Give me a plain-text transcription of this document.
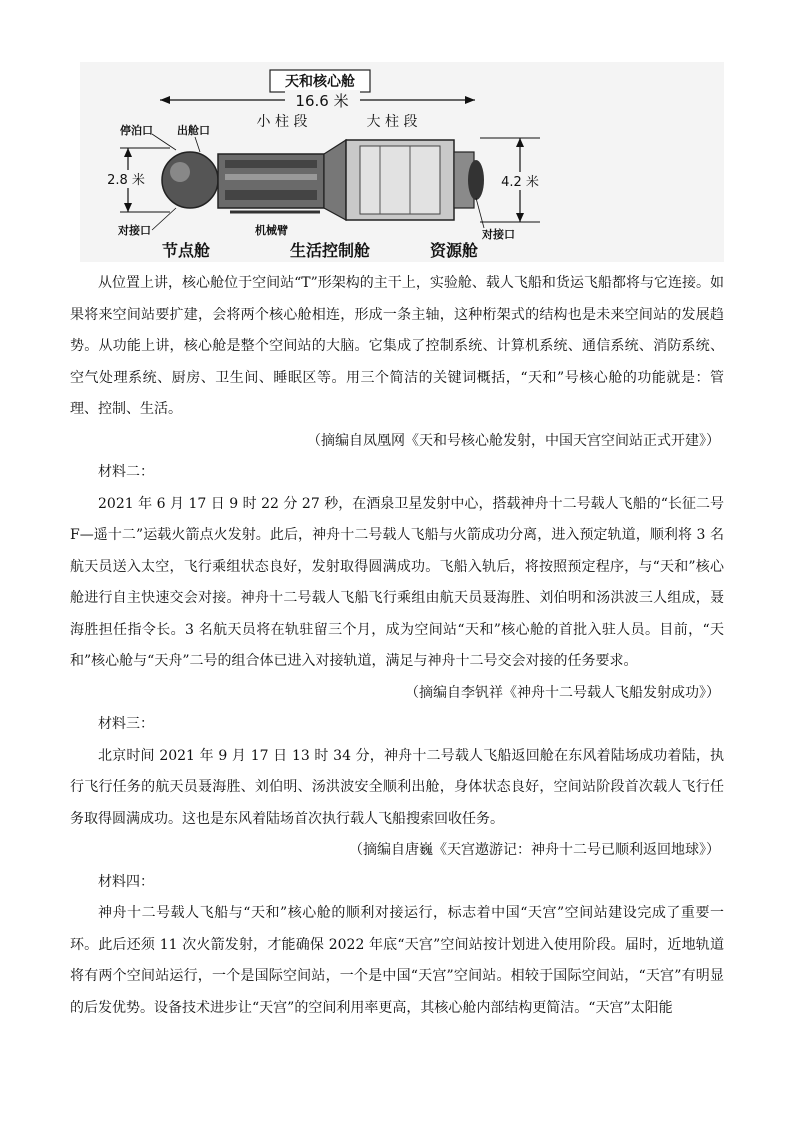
天和核心舱
16.6 米
小 柱 段	大 柱 段
2.8 米	4.2 米
停泊口 出舱口
对接口	对接口
机械臂
节点舱	生活控制舱	资源舱

从位置上讲，核心舱位于空间站“T”形架构的主干上，实验舱、载人飞船和货运飞船都将与它连接。如果将来空间站要扩建，会将两个核心舱相连，形成一条主轴，这种桁架式的结构也是未来空间站的发展趋势。从功能上讲，核心舱是整个空间站的大脑。它集成了控制系统、计算机系统、通信系统、消防系统、空气处理系统、厨房、卫生间、睡眠区等。用三个简洁的关键词概括，“天和”号核心舱的功能就是：管理、控制、生活。

（摘编自凤凰网《天和号核心舱发射，中国天宫空间站正式开建》）

材料二：

2021 年 6 月 17 日 9 时 22 分 27 秒，在酒泉卫星发射中心，搭载神舟十二号载人飞船的“长征二号 F—遥十二”运载火箭点火发射。此后，神舟十二号载人飞船与火箭成功分离，进入预定轨道，顺利将 3 名航天员送入太空，飞行乘组状态良好，发射取得圆满成功。飞船入轨后，将按照预定程序，与“天和”核心舱进行自主快速交会对接。神舟十二号载人飞船飞行乘组由航天员聂海胜、刘伯明和汤洪波三人组成，聂海胜担任指令长。3 名航天员将在轨驻留三个月，成为空间站“天和”核心舱的首批入驻人员。目前，“天和”核心舱与“天舟”二号的组合体已进入对接轨道，满足与神舟十二号交会对接的任务要求。

（摘编自李钒祥《神舟十二号载人飞船发射成功》）

材料三：

北京时间 2021 年 9 月 17 日 13 时 34 分，神舟十二号载人飞船返回舱在东风着陆场成功着陆，执行飞行任务的航天员聂海胜、刘伯明、汤洪波安全顺利出舱，身体状态良好，空间站阶段首次载人飞行任务取得圆满成功。这也是东风着陆场首次执行载人飞船搜索回收任务。

（摘编自唐巍《天宫遨游记：神舟十二号已顺利返回地球》）

材料四：

神舟十二号载人飞船与“天和”核心舱的顺利对接运行，标志着中国“天宫”空间站建设完成了重要一环。此后还须 11 次火箭发射，才能确保 2022 年底“天宫”空间站按计划进入使用阶段。届时，近地轨道将有两个空间站运行，一个是国际空间站，一个是中国“天宫”空间站。相较于国际空间站，“天宫”有明显的后发优势。设备技术进步让“天宫”的空间利用率更高，其核心舱内部结构更简洁。“天宫”太阳能
